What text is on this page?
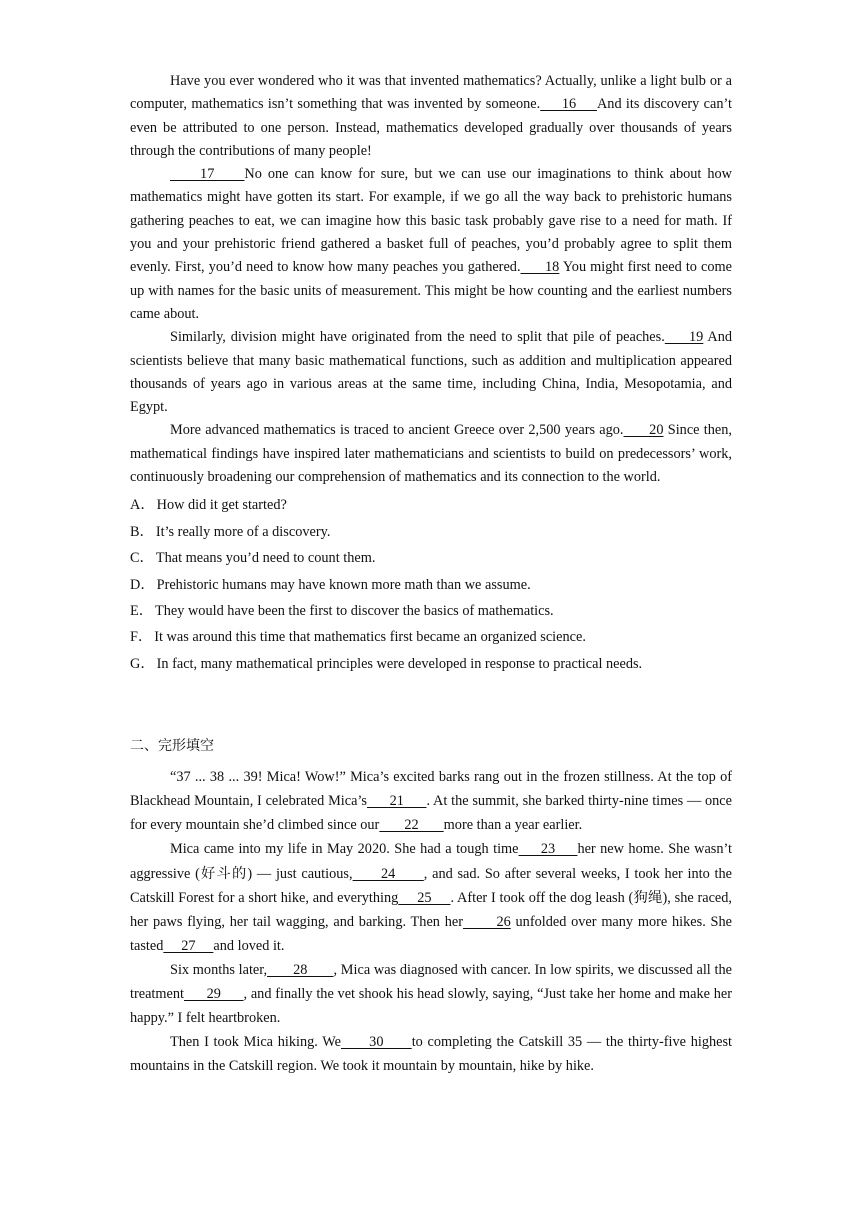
Have you ever wondered who it was that invented mathematics? Actually, unlike a light bulb or a computer, mathematics isn’t something that was invented by someone.     16     And its discovery can’t even be attributed to one person. Instead, mathematics developed gradually over thousands of years through the contributions of many people!

17     No one can know for sure, but we can use our imaginations to think about how mathematics might have gotten its start. For example, if we go all the way back to prehistoric humans gathering peaches to eat, we can imagine how this basic task probably gave rise to a need for math. If you and your prehistoric friend gathered a basket full of peaches, you’d probably agree to split them evenly. First, you’d need to know how many peaches you gathered.      18 You might first need to come up with names for the basic units of measurement. This might be how counting and the earliest numbers came about.

Similarly, division might have originated from the need to split that pile of peaches.     19 And scientists believe that many basic mathematical functions, such as addition and multiplication appeared thousands of years ago in various areas at the same time, including China, India, Mesopotamia, and Egypt.

More advanced mathematics is traced to ancient Greece over 2,500 years ago.      20 Since then, mathematical findings have inspired later mathematicians and scientists to build on predecessors’ work, continuously broadening our comprehension of mathematics and its connection to the world.

A． How did it get started?
B． It’s really more of a discovery.
C． That means you’d need to count them.
D． Prehistoric humans may have known more math than we assume.
E． They would have been the first to discover the basics of mathematics.
F． It was around this time that mathematics first became an organized science.
G． In fact, many mathematical principles were developed in response to practical needs.
二、完形填空

“37 ... 38 ... 39! Mica! Wow!” Mica’s excited barks rang out in the frozen stillness. At the top of Blackhead Mountain, I celebrated Mica’s      21      . At the summit, she barked thirty-nine times — once for every mountain she’d climbed since our       22       more than a year earlier.

Mica came into my life in May 2020. She had a tough time     23     her new home. She wasn’t aggressive (好斗的) — just cautious,      24      , and sad. So after several weeks, I took her into the Catskill Forest for a short hike, and everything     25     . After I took off the dog leash (狗绳), she raced, her paws flying, her tail wagging, and barking. Then her       26 unfolded over many more hikes. She tasted     27     and loved it.

Six months later,       28       , Mica was diagnosed with cancer. In low spirits, we discussed all the treatment      29      , and finally the vet shook his head slowly, saying, “Just take her home and make her happy.” I felt heartbroken.

Then I took Mica hiking. We      30      to completing the Catskill 35 — the thirty-five highest mountains in the Catskill region. We took it mountain by mountain, hike by hike.
